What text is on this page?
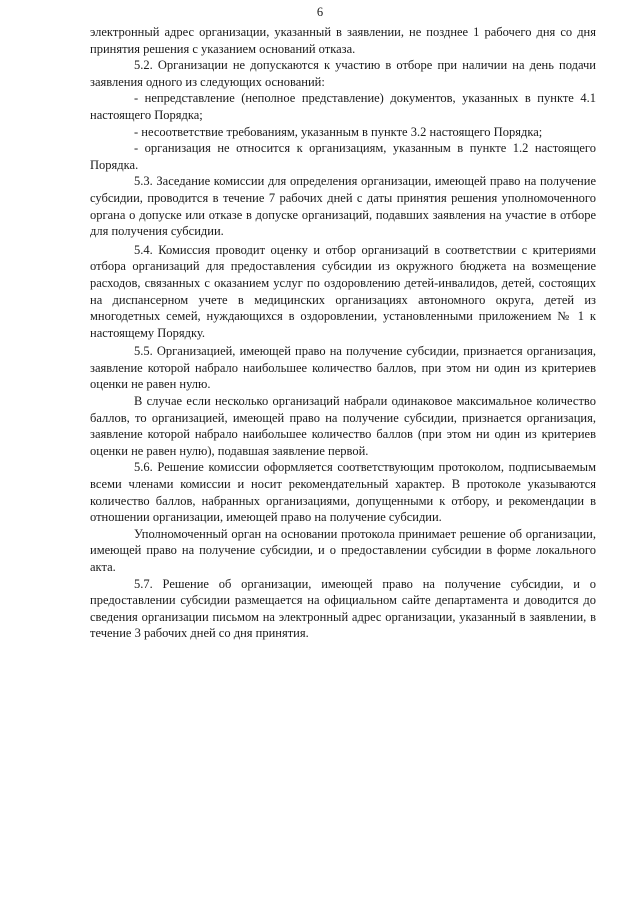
6

электронный адрес организации, указанный в заявлении, не позднее 1 рабочего дня со дня принятия решения с указанием оснований отказа.

5.2. Организации не допускаются к участию в отборе при наличии на день подачи заявления одного из следующих оснований:

- непредставление (неполное представление) документов, указанных в пункте 4.1 настоящего Порядка;

- несоответствие требованиям, указанным в пункте 3.2 настоящего Порядка;

- организация не относится к организациям, указанным в пункте 1.2 настоящего Порядка.

5.3. Заседание комиссии для определения организации, имеющей право на получение субсидии, проводится в течение 7 рабочих дней с даты принятия решения уполномоченного органа о допуске или отказе в допуске организаций, подавших заявления на участие в отборе для получения субсидии.

5.4. Комиссия проводит оценку и отбор организаций в соответствии с критериями отбора организаций для предоставления субсидии из окружного бюджета на возмещение расходов, связанных с оказанием услуг по оздоровлению детей-инвалидов, детей, состоящих на диспансерном учете в медицинских организациях автономного округа, детей из многодетных семей, нуждающихся в оздоровлении, установленными приложением № 1 к настоящему Порядку.

5.5. Организацией, имеющей право на получение субсидии, признается организация, заявление которой набрало наибольшее количество баллов, при этом ни один из критериев оценки не равен нулю.

В случае если несколько организаций набрали одинаковое максимальное количество баллов, то организацией, имеющей право на получение субсидии, признается организация, заявление которой набрало наибольшее количество баллов (при этом ни один из критериев оценки не равен нулю), подавшая заявление первой.

5.6. Решение комиссии оформляется соответствующим протоколом, подписываемым всеми членами комиссии и носит рекомендательный характер. В протоколе указываются количество баллов, набранных организациями, допущенными к отбору, и рекомендации в отношении организации, имеющей право на получение субсидии.

Уполномоченный орган на основании протокола принимает решение об организации, имеющей право на получение субсидии, и о предоставлении субсидии в форме локального акта.

5.7. Решение об организации, имеющей право на получение субсидии, и о предоставлении субсидии размещается на официальном сайте департамента и доводится до сведения организации письмом на электронный адрес организации, указанный в заявлении, в течение 3 рабочих дней со дня принятия.
